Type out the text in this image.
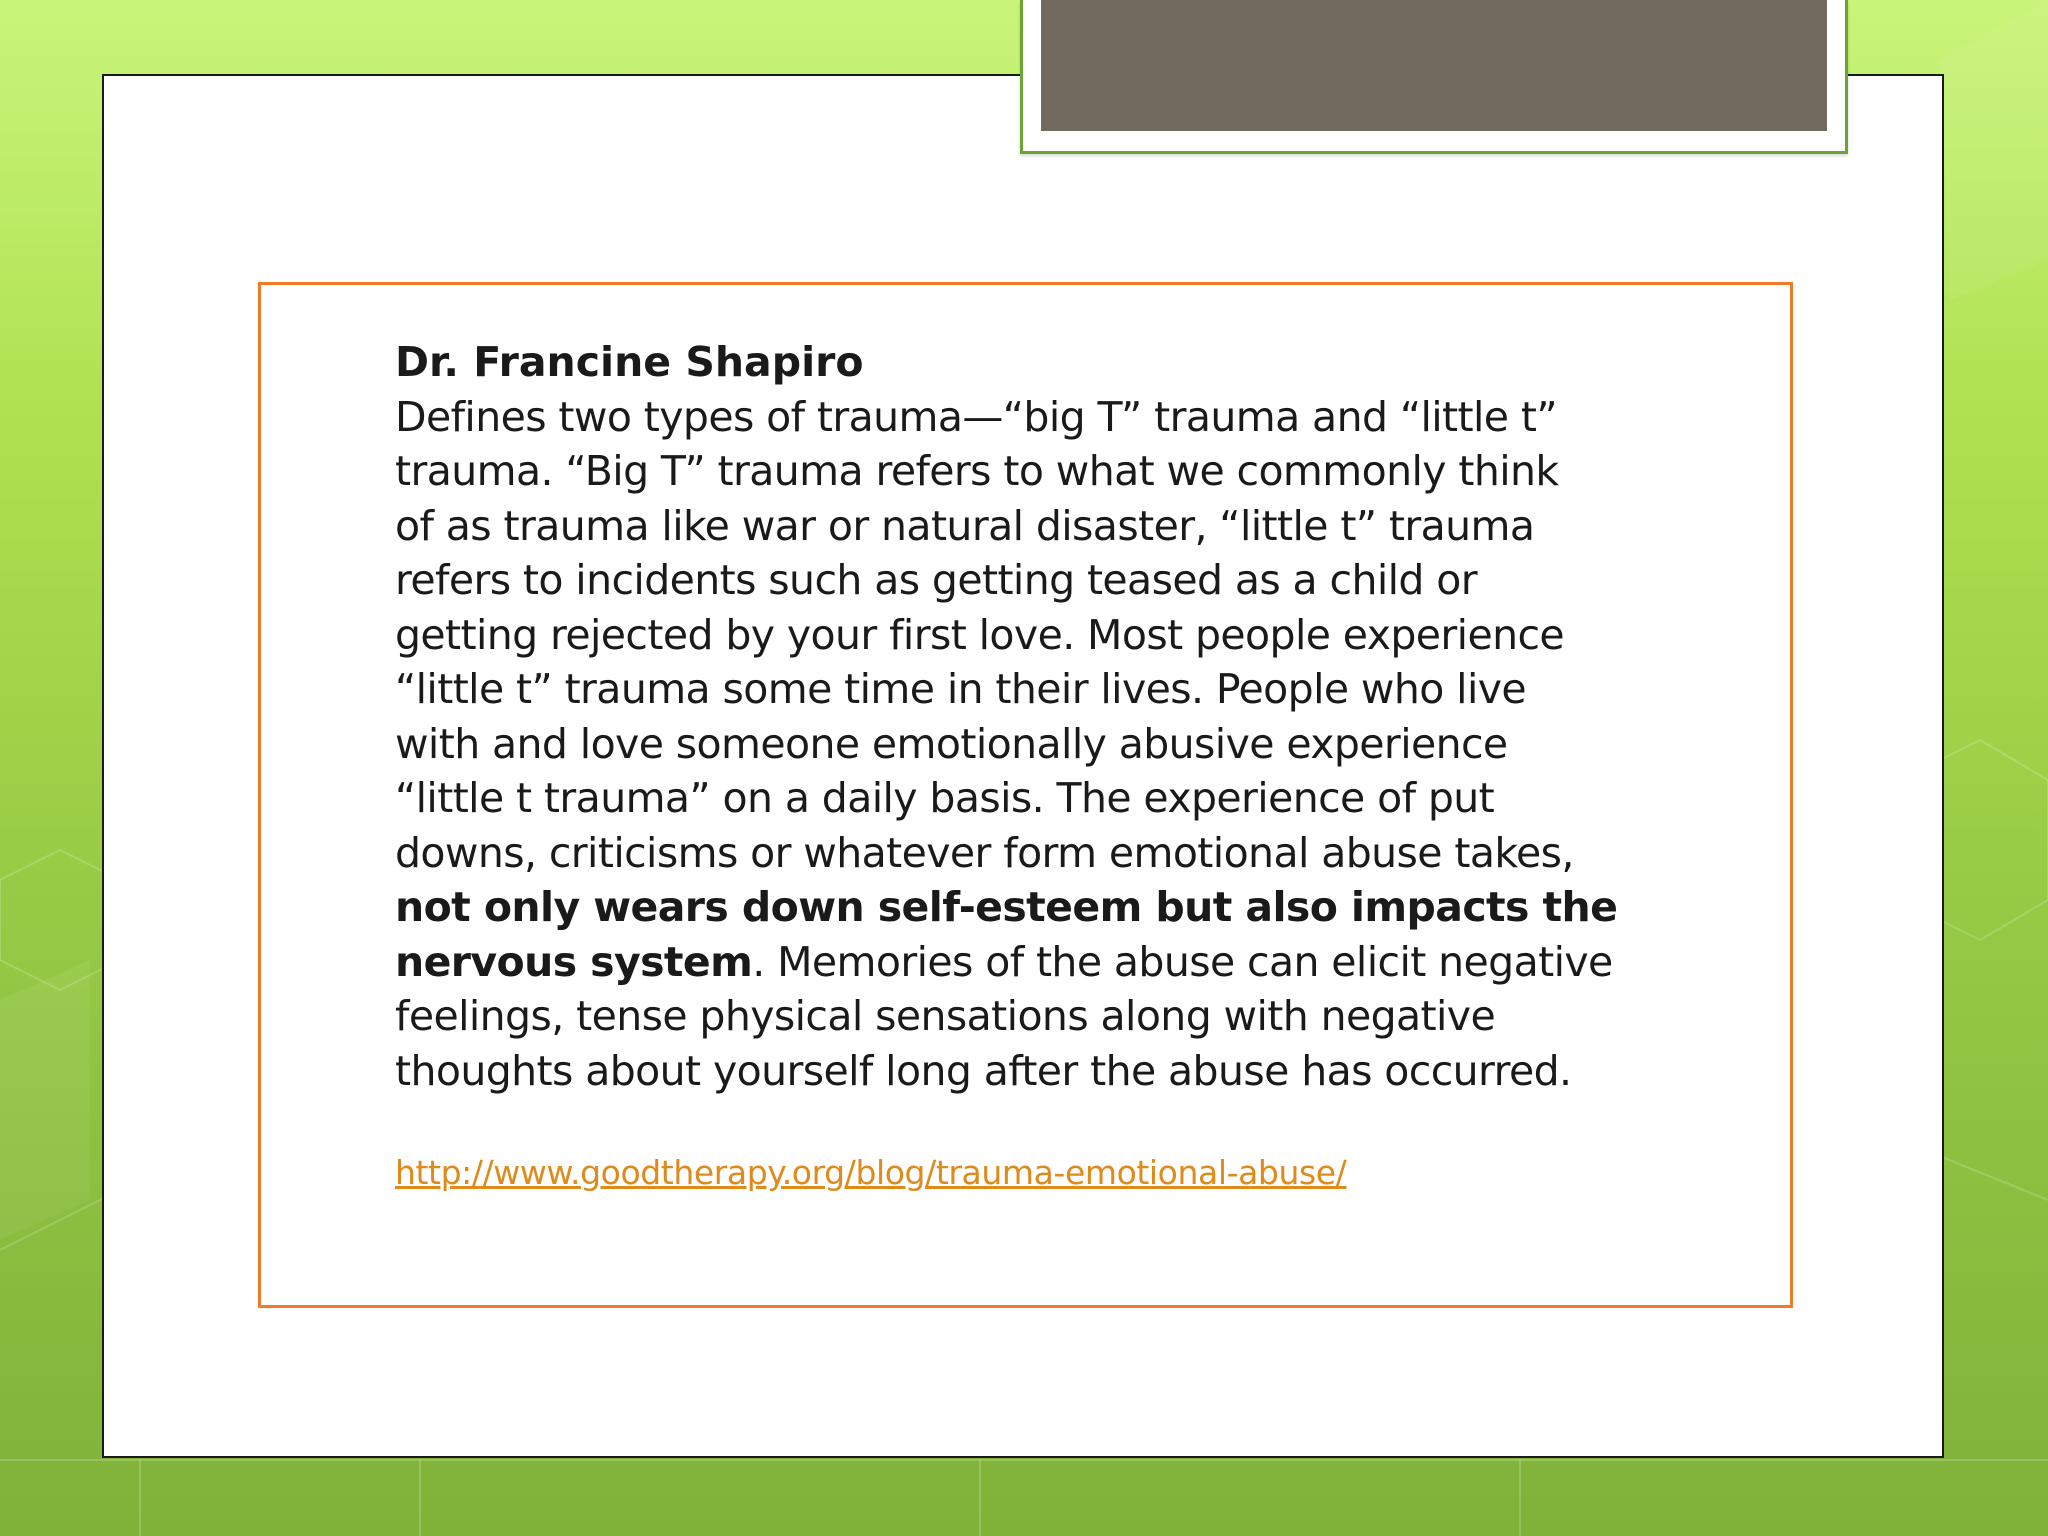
Dr. Francine Shapiro
Defines two types of trauma—“big T” trauma and “little t”
trauma. “Big T” trauma refers to what we commonly think
of as trauma like war or natural disaster, “little t” trauma
refers to incidents such as getting teased as a child or
getting rejected by your first love. Most people experience
“little t” trauma some time in their lives. People who live
with and love someone emotionally abusive experience
“little t trauma” on a daily basis. The experience of put
downs, criticisms or whatever form emotional abuse takes,
not only wears down self-esteem but also impacts the
nervous system. Memories of the abuse can elicit negative
feelings, tense physical sensations along with negative
thoughts about yourself long after the abuse has occurred.

http://www.goodtherapy.org/blog/trauma-emotional-abuse/
